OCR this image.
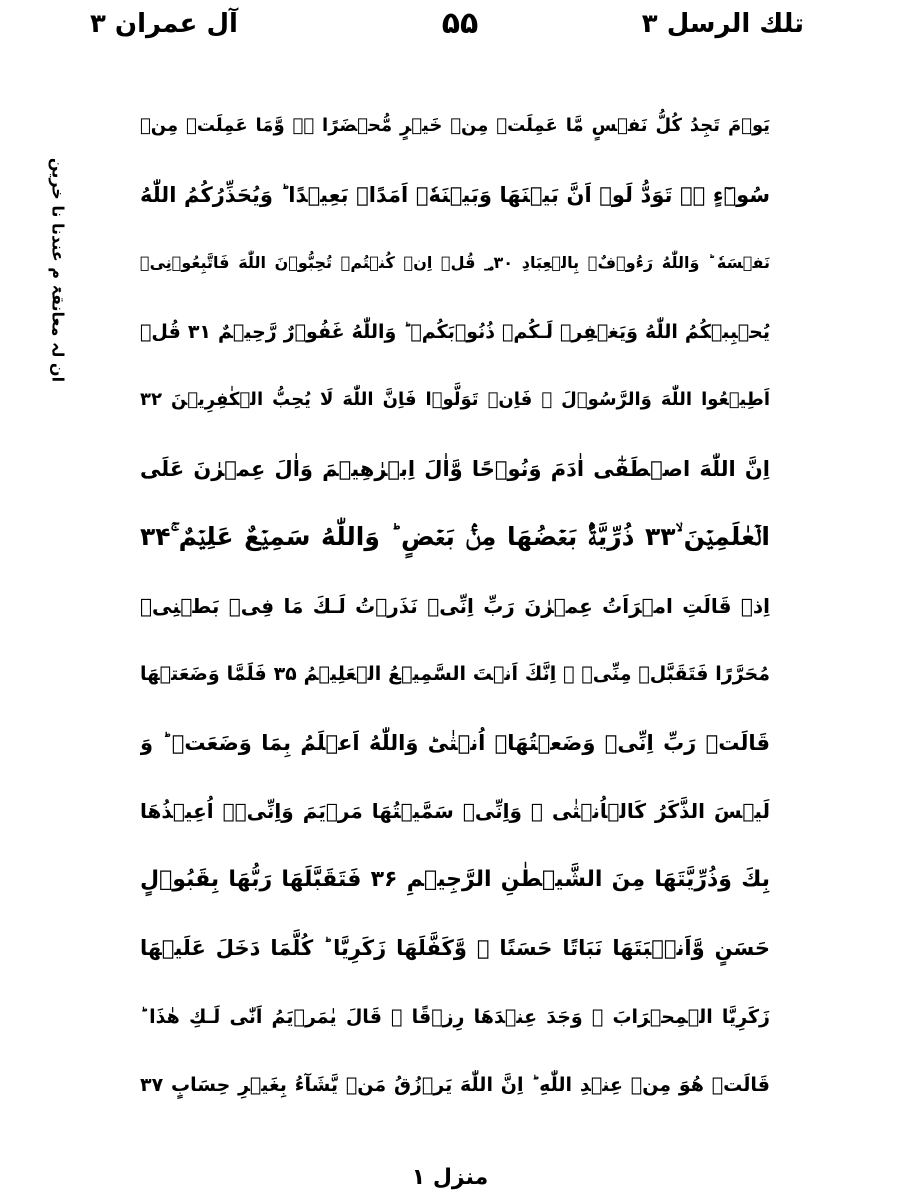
تلك الرسل ٣
۵۵
آل عمران ٣
ان لہ معانقۃ م عندنا نا خرین
يَوۡمَ تَجِدُ كُلُّ نَفۡسٍ مَّا عَمِلَتۡ مِنۡ خَيۡرٍ مُّحۡضَرًا ۛۚ وَّمَا عَمِلَتۡ مِنۡ
سُوۡٓءٍ ۛۚ تَوَدُّ لَوۡ اَنَّ بَيۡنَهَا وَبَيۡنَهٗۤ اَمَدًاۢ بَعِيۡدًا ؕ وَيُحَذِّرُكُمُ اللّٰهُ
نَفۡسَهٗ ؕ وَاللّٰهُ رَءُوۡفٌۢ بِالۡعِبَادِ ؃۳۰ قُلۡ اِنۡ كُنۡتُمۡ تُحِبُّوۡنَ اللّٰهَ فَاتَّبِعُوۡنِىۡ
يُحۡبِبۡكُمُ اللّٰهُ وَيَغۡفِرۡ لَـكُمۡ ذُنُوۡبَكُمۡ ؕ وَاللّٰهُ غَفُوۡرٌ رَّحِيۡمٌ ۳۱ قُلۡ
اَطِيۡعُوا اللّٰهَ وَالرَّسُوۡلَ ۚ فَاِنۡ تَوَلَّوۡا فَاِنَّ اللّٰهَ لَا يُحِبُّ الۡكٰفِرِيۡنَ ۳۲
اِنَّ اللّٰهَ اصۡطَفٰٓى اٰدَمَ وَنُوۡحًا وَّاٰلَ اِبۡرٰهِيۡمَ وَاٰلَ عِمۡرٰنَ عَلَى
الۡعٰلَمِيۡنَ ۙ۳۳ ذُرِّيَّةًۢ بَعۡضُهَا مِنۡۢ بَعۡضٍ ؕ وَاللّٰهُ سَمِيۡعٌ عَلِيۡمٌ ۚ۳۴
اِذۡ قَالَتِ امۡرَاَتُ عِمۡرٰنَ رَبِّ اِنِّىۡ نَذَرۡتُ لَـكَ مَا فِىۡ بَطۡنِىۡ
مُحَرَّرًا فَتَقَبَّلۡ مِنِّىۡ ۚ اِنَّكَ اَنۡتَ السَّمِيۡعُ الۡعَلِيۡمُ ۳۵ فَلَمَّا وَضَعَتۡهَا
قَالَتۡ رَبِّ اِنِّىۡ وَضَعۡتُهَاۤ اُنۡثٰىؕ وَاللّٰهُ اَعۡلَمُ بِمَا وَضَعَتۡ ؕ وَ
لَيۡسَ الذَّكَرُ كَالۡاُنۡثٰى ۚ وَاِنِّىۡ سَمَّيۡتُهَا مَرۡيَمَ وَاِنِّىۡۤ اُعِيۡذُهَا
بِكَ وَذُرِّيَّتَهَا مِنَ الشَّيۡطٰنِ الرَّجِيۡمِ ۳۶ فَتَقَبَّلَهَا رَبُّهَا بِقَبُوۡلٍ
حَسَنٍ وَّاَنۡۢبَتَهَا نَبَاتًا حَسَنًا ۙ وَّكَفَّلَهَا زَكَرِيَّا ؕ كُلَّمَا دَخَلَ عَلَيۡهَا
زَكَرِيَّا الۡمِحۡرَابَ ۙ وَجَدَ عِنۡدَهَا رِزۡقًا ۚ قَالَ يٰمَرۡيَمُ اَنّٰى لَـكِ هٰذَا ؕ
قَالَتۡ هُوَ مِنۡ عِنۡدِ اللّٰهِ ؕ اِنَّ اللّٰهَ يَرۡزُقُ مَنۡ يَّشَآءُ بِغَيۡرِ حِسَابٍ ۳۷
منزل ١
